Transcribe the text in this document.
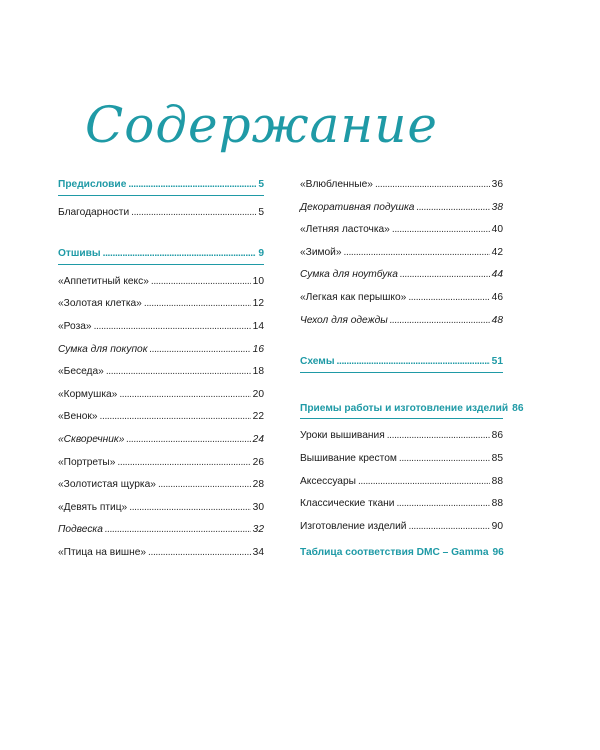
Содержание
Предисловие . . .	5
Благодарности . . .	5
Отшивы . . .	9
«Аппетитный кекс» . . .	10
«Золотая клетка» . . .	12
«Роза» . . .	14
Сумка для покупок . . .	16
«Беседа» . . .	18
«Кормушка» . . .	20
«Венок» . . .	22
«Скворечник» . . .	24
«Портреты» . . .	26
«Золотистая щурка» . . .	28
«Девять птиц» . . .	30
Подвеска . . .	32
«Птица на вишне» . . .	34
«Влюбленные» . . .	36
Декоративная подушка . . .	38
«Летняя ласточка» . . .	40
«Зимой» . . .	42
Сумка для ноутбука . . .	44
«Легкая как перышко» . . .	46
Чехол для одежды . . .	48
Схемы . . .	51
Приемы работы и изготовление изделий 86
Уроки вышивания . . .	86
Вышивание крестом . . .	85
Аксессуары . . .	88
Классические ткани . . .	88
Изготовление изделий . . .	90
Таблица соответствия DMC – Gamma 96
